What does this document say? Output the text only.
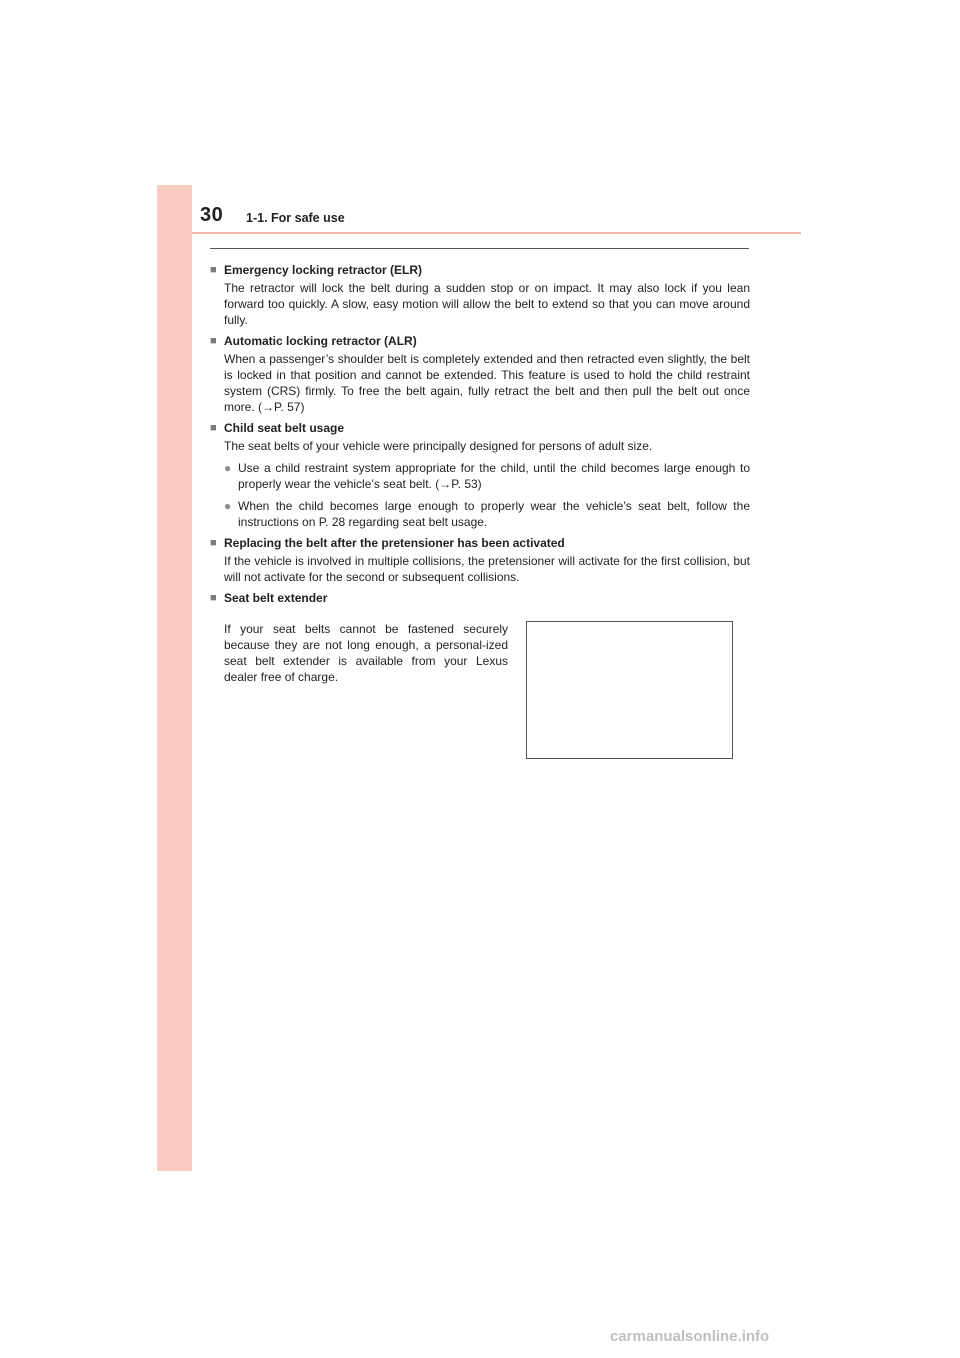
30 1-1. For safe use
■ Emergency locking retractor (ELR)
The retractor will lock the belt during a sudden stop or on impact. It may also lock if you lean forward too quickly. A slow, easy motion will allow the belt to extend so that you can move around fully.
■ Automatic locking retractor (ALR)
When a passenger’s shoulder belt is completely extended and then retracted even slightly, the belt is locked in that position and cannot be extended. This feature is used to hold the child restraint system (CRS) firmly. To free the belt again, fully retract the belt and then pull the belt out once more. (→P. 57)
■ Child seat belt usage
The seat belts of your vehicle were principally designed for persons of adult size.
● Use a child restraint system appropriate for the child, until the child becomes large enough to properly wear the vehicle’s seat belt. (→P. 53)
● When the child becomes large enough to properly wear the vehicle’s seat belt, follow the instructions on P. 28 regarding seat belt usage.
■ Replacing the belt after the pretensioner has been activated
If the vehicle is involved in multiple collisions, the pretensioner will activate for the first collision, but will not activate for the second or subsequent collisions.
■ Seat belt extender
If your seat belts cannot be fastened securely because they are not long enough, a personal-ized seat belt extender is available from your Lexus dealer free of charge.
carmanualsonline.info
